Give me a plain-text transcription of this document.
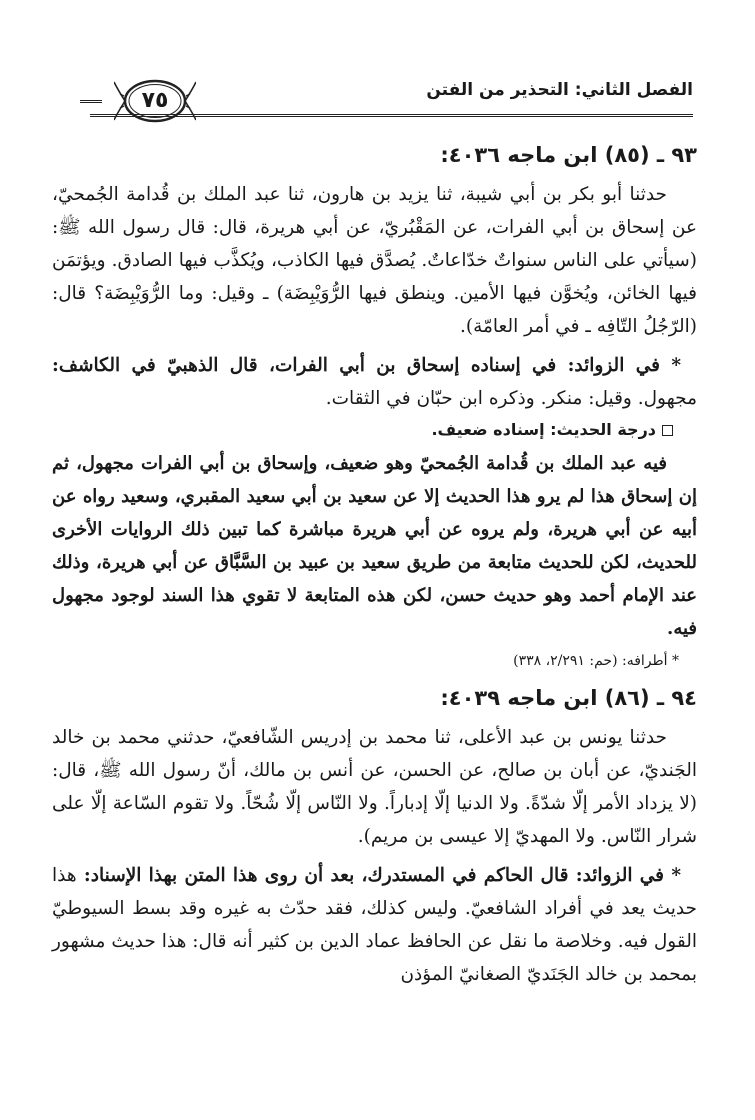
الفصل الثاني: التحذير من الفتن
٧٥
٩٣ ـ (٨٥) ابن ماجه ٤٠٣٦:

حدثنا أبو بكر بن أبي شيبة، ثنا يزيد بن هارون، ثنا عبد الملك بن قُدامة الجُمحيّ، عن إسحاق بن أبي الفرات، عن المَقْبُريّ، عن أبي هريرة، قال: قال رسول الله ﷺ: (سيأتي على الناس سنواتٌ خدّاعاتٌ. يُصدَّق فيها الكاذب، ويُكذَّب فيها الصادق. ويؤتمَن فيها الخائن، ويُخوَّن فيها الأمين. وينطق فيها الرُّوَيْبِضَة) ـ وقيل: وما الرُّوَيْبِضَة؟ قال: (الرّجُلُ التّافِه ـ في أمر العامّة).

* في الزوائد: في إسناده إسحاق بن أبي الفرات، قال الذهبيّ في الكاشف: مجهول. وقيل: منكر. وذكره ابن حبّان في الثقات.

درجة الحديث: إسناده ضعيف.

فيه عبد الملك بن قُدامة الجُمحيّ وهو ضعيف، وإسحاق بن أبي الفرات مجهول، ثم إن إسحاق هذا لم يرو هذا الحديث إلا عن سعيد بن أبي سعيد المقبري، وسعيد رواه عن أبيه عن أبي هريرة، ولم يروه عن أبي هريرة مباشرة كما تبين ذلك الروايات الأخرى للحديث، لكن للحديث متابعة من طريق سعيد بن عبيد بن السَّبَّاق عن أبي هريرة، وذلك عند الإمام أحمد وهو حديث حسن، لكن هذه المتابعة لا تقوي هذا السند لوجود مجهول فيه.

* أطرافه: (حم: ٢/٢٩١، ٣٣٨)

٩٤ ـ (٨٦) ابن ماجه ٤٠٣٩:

حدثنا يونس بن عبد الأعلى، ثنا محمد بن إدريس الشّافعيّ، حدثني محمد بن خالد الجَنديّ، عن أبان بن صالح، عن الحسن، عن أنس بن مالك، أنّ رسول الله ﷺ، قال: (لا يزداد الأمر إلّا شدّةً. ولا الدنيا إلّا إدباراً. ولا النّاس إلّا شُحّاً. ولا تقوم السّاعة إلّا على شرار النّاس. ولا المهديّ إلا عيسى بن مريم).

* في الزوائد: قال الحاكم في المستدرك، بعد أن روى هذا المتن بهذا الإسناد: هذا حديث يعد في أفراد الشافعيّ. وليس كذلك، فقد حدّث به غيره وقد بسط السيوطيّ القول فيه. وخلاصة ما نقل عن الحافظ عماد الدين بن كثير أنه قال: هذا حديث مشهور بمحمد بن خالد الجَنَديّ الصغانيّ المؤذن
